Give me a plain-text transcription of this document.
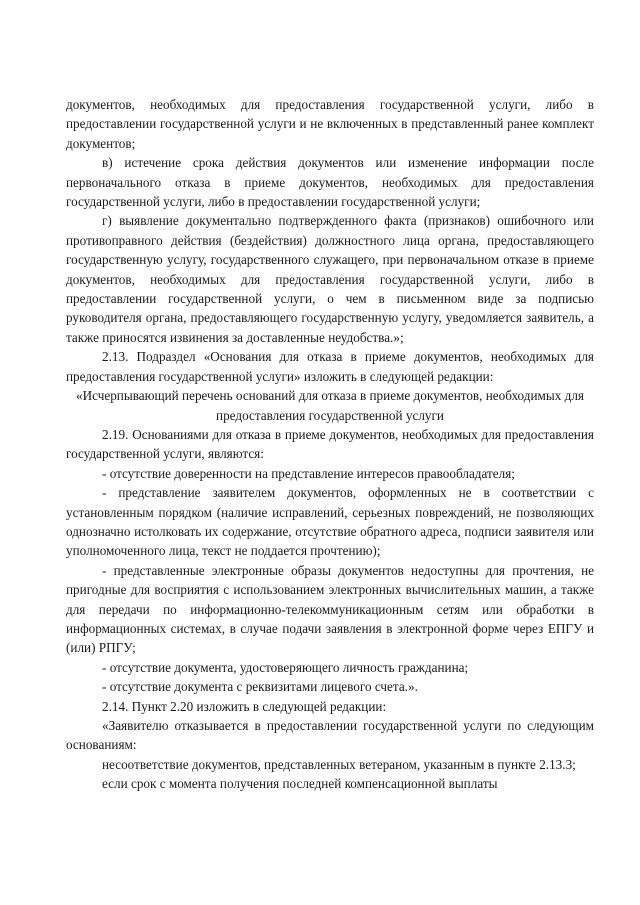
документов, необходимых для предоставления государственной услуги, либо в предоставлении государственной услуги и не включенных в представленный ранее комплект документов;

в) истечение срока действия документов или изменение информации после первоначального отказа в приеме документов, необходимых для предоставления государственной услуги, либо в предоставлении государственной услуги;

г) выявление документально подтвержденного факта (признаков) ошибочного или противоправного действия (бездействия) должностного лица органа, предоставляющего государственную услугу, государственного служащего, при первоначальном отказе в приеме документов, необходимых для предоставления государственной услуги, либо в предоставлении государственной услуги, о чем в письменном виде за подписью руководителя органа, предоставляющего государственную услугу, уведомляется заявитель, а также приносятся извинения за доставленные неудобства.»;

2.13. Подраздел «Основания для отказа в приеме документов, необходимых для предоставления государственной услуги» изложить в следующей редакции:

«Исчерпывающий перечень оснований для отказа в приеме документов, необходимых для предоставления государственной услуги

2.19. Основаниями для отказа в приеме документов, необходимых для предоставления государственной услуги, являются:

- отсутствие доверенности на представление интересов правообладателя;

- представление заявителем документов, оформленных не в соответствии с установленным порядком (наличие исправлений, серьезных повреждений, не позволяющих однозначно истолковать их содержание, отсутствие обратного адреса, подписи заявителя или уполномоченного лица, текст не поддается прочтению);

- представленные электронные образы документов недоступны для прочтения, не пригодные для восприятия с использованием электронных вычислительных машин, а также для передачи по информационно-телекоммуникационным сетям или обработки в информационных системах, в случае подачи заявления в электронной форме через ЕПГУ и (или) РПГУ;

- отсутствие документа, удостоверяющего личность гражданина;

- отсутствие документа с реквизитами лицевого счета.».

2.14. Пункт 2.20 изложить в следующей редакции:

«Заявителю отказывается в предоставлении государственной услуги по следующим основаниям:

несоответствие документов, представленных ветераном, указанным в пункте 2.13.3;

если срок с момента получения последней компенсационной выплаты
